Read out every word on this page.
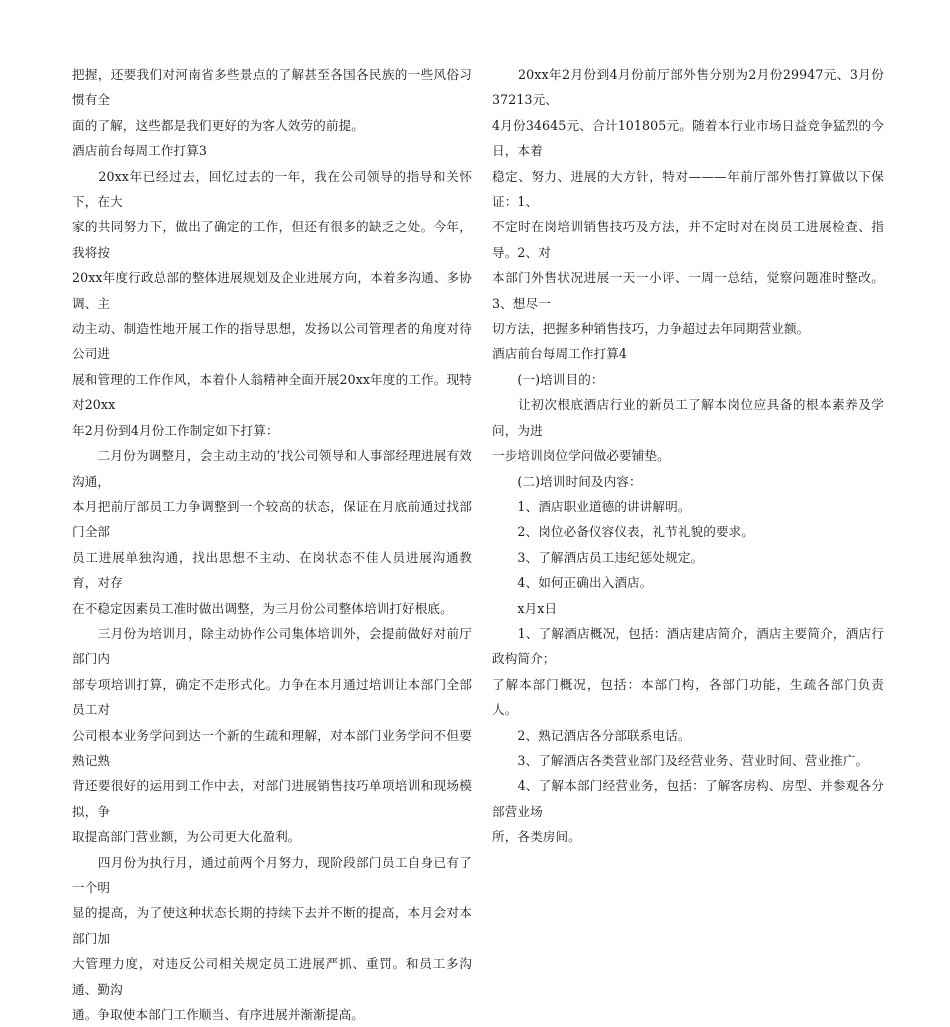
把握，还要我们对河南省多些景点的了解甚至各国各民族的一些风俗习惯有全
面的了解，这些都是我们更好的为客人效劳的前提。

酒店前台每周工作打算3

　　20xx年已经过去，回忆过去的一年，我在公司领导的指导和关怀下，在大
家的共同努力下，做出了确定的工作，但还有很多的缺乏之处。今年，我将按
20xx年度行政总部的整体进展规划及企业进展方向，本着多沟通、多协调、主
动主动、制造性地开展工作的指导思想，发扬以公司管理者的角度对待公司进
展和管理的工作作风，本着仆人翁精神全面开展20xx年度的工作。现特对20xx
年2月份到4月份工作制定如下打算：

　　二月份为调整月，会主动主动的’找公司领导和人事部经理进展有效沟通，
本月把前厅部员工力争调整到一个较高的状态，保证在月底前通过找部门全部
员工进展单独沟通，找出思想不主动、在岗状态不佳人员进展沟通教育，对存
在不稳定因素员工准时做出调整，为三月份公司整体培训打好根底。

　　三月份为培训月，除主动协作公司集体培训外，会提前做好对前厅部门内
部专项培训打算，确定不走形式化。力争在本月通过培训让本部门全部员工对
公司根本业务学问到达一个新的生疏和理解，对本部门业务学问不但要熟记熟
背还要很好的运用到工作中去，对部门进展销售技巧单项培训和现场模拟，争
取提高部门营业额，为公司更大化盈利。

　　四月份为执行月，通过前两个月努力，现阶段部门员工自身已有了一个明
显的提高，为了使这种状态长期的持续下去并不断的提高，本月会对本部门加
大管理力度，对违反公司相关规定员工进展严抓、重罚。和员工多沟通、勤沟
通。争取使本部门工作顺当、有序进展并渐渐提高。

　　20xx年2月份到4月份前厅部外售分别为2月份29947元、3月份37213元、
4月份34645元、合计101805元。随着本行业市场日益竞争猛烈的今日，本着
稳定、努力、进展的大方针，特对———年前厅部外售打算做以下保证：1、
不定时在岗培训销售技巧及方法，并不定时对在岗员工进展检查、指导。2、对
本部门外售状况进展一天一小评、一周一总结，觉察问题准时整改。3、想尽一
切方法，把握多种销售技巧，力争超过去年同期营业额。

酒店前台每周工作打算4

　　(一)培训目的：

　　让初次根底酒店行业的新员工了解本岗位应具备的根本素养及学问，为进
一步培训岗位学问做必要铺垫。

　　(二)培训时间及内容：

　　1、酒店职业道德的讲讲解明。

　　2、岗位必备仪容仪表，礼节礼貌的要求。

　　3、了解酒店员工违纪惩处规定。

　　4、如何正确出入酒店。

　　x月x日

　　1、了解酒店概况，包括：酒店建店简介，酒店主要简介，酒店行政构简介；
了解本部门概况，包括：本部门构，各部门功能，生疏各部门负责人。

　　2、熟记酒店各分部联系电话。

　　3、了解酒店各类营业部门及经营业务、营业时间、营业推广。

　　4、了解本部门经营业务，包括：了解客房构、房型、并参观各分部营业场
所，各类房间。
